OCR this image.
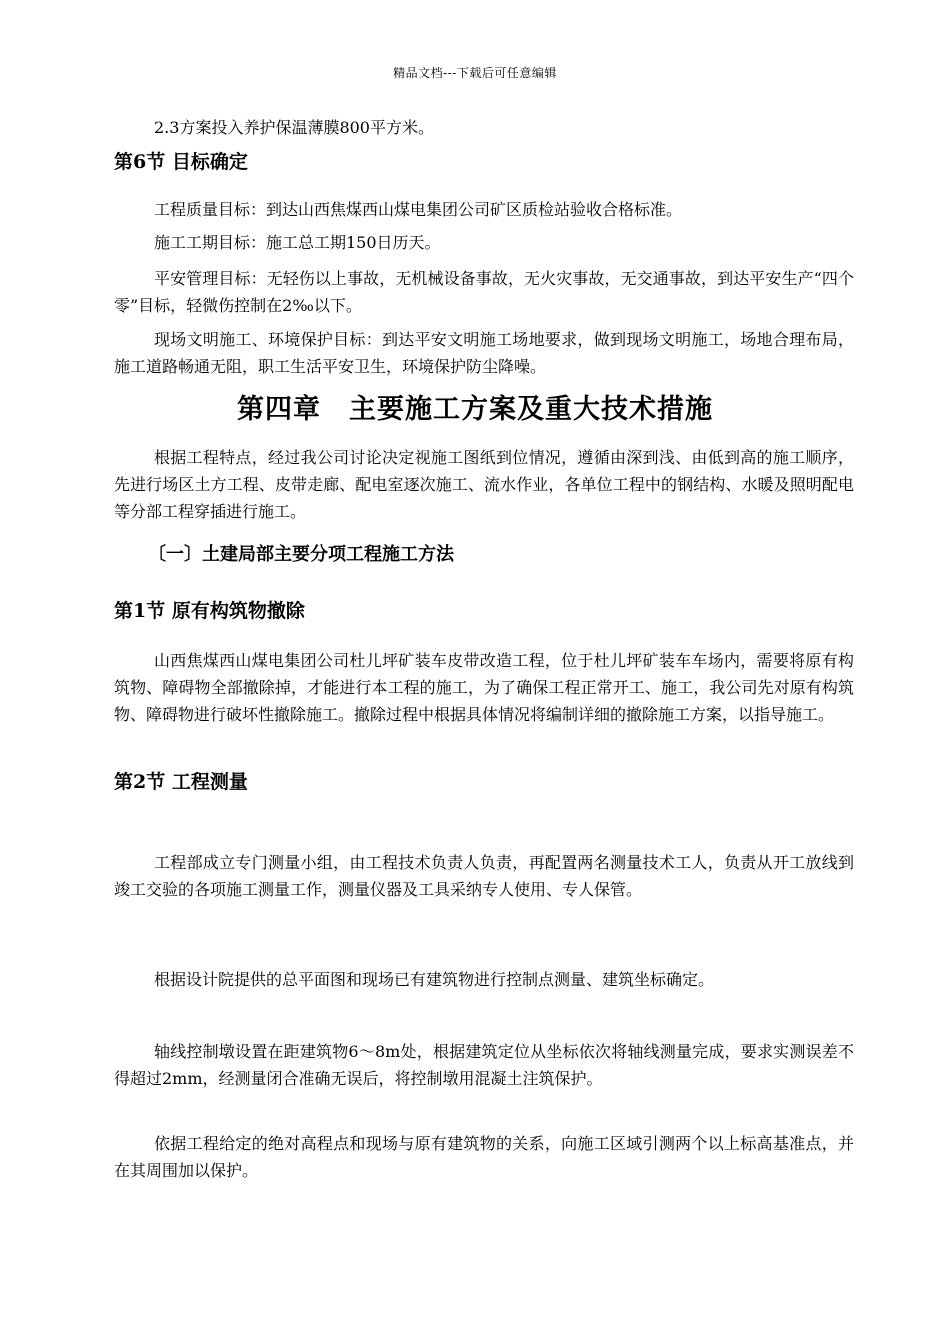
精品文档---下载后可任意编辑
2.3方案投入养护保温薄膜800平方米。
第6节 目标确定
工程质量目标：到达山西焦煤西山煤电集团公司矿区质检站验收合格标准。
施工工期目标：施工总工期150日历天。
平安管理目标：无轻伤以上事故，无机械设备事故，无火灾事故，无交通事故，到达平安生产“四个零”目标，轻微伤控制在2‰以下。
现场文明施工、环境保护目标：到达平安文明施工场地要求，做到现场文明施工，场地合理布局，施工道路畅通无阻，职工生活平安卫生，环境保护防尘降噪。
第四章　主要施工方案及重大技术措施
根据工程特点，经过我公司讨论决定视施工图纸到位情况，遵循由深到浅、由低到高的施工顺序，先进行场区土方工程、皮带走廊、配电室逐次施工、流水作业，各单位工程中的钢结构、水暖及照明配电等分部工程穿插进行施工。
〔一〕土建局部主要分项工程施工方法
第1节 原有构筑物撤除
山西焦煤西山煤电集团公司杜儿坪矿装车皮带改造工程，位于杜儿坪矿装车车场内，需要将原有构筑物、障碍物全部撤除掉，才能进行本工程的施工，为了确保工程正常开工、施工，我公司先对原有构筑物、障碍物进行破坏性撤除施工。撤除过程中根据具体情况将编制详细的撤除施工方案，以指导施工。
第2节 工程测量
工程部成立专门测量小组，由工程技术负责人负责，再配置两名测量技术工人，负责从开工放线到竣工交验的各项施工测量工作，测量仪器及工具采纳专人使用、专人保管。
根据设计院提供的总平面图和现场已有建筑物进行控制点测量、建筑坐标确定。
轴线控制墩设置在距建筑物6～8m处，根据建筑定位从坐标依次将轴线测量完成，要求实测误差不得超过2mm，经测量闭合准确无误后，将控制墩用混凝土注筑保护。
依据工程给定的绝对高程点和现场与原有建筑物的关系，向施工区域引测两个以上标高基准点，并在其周围加以保护。
